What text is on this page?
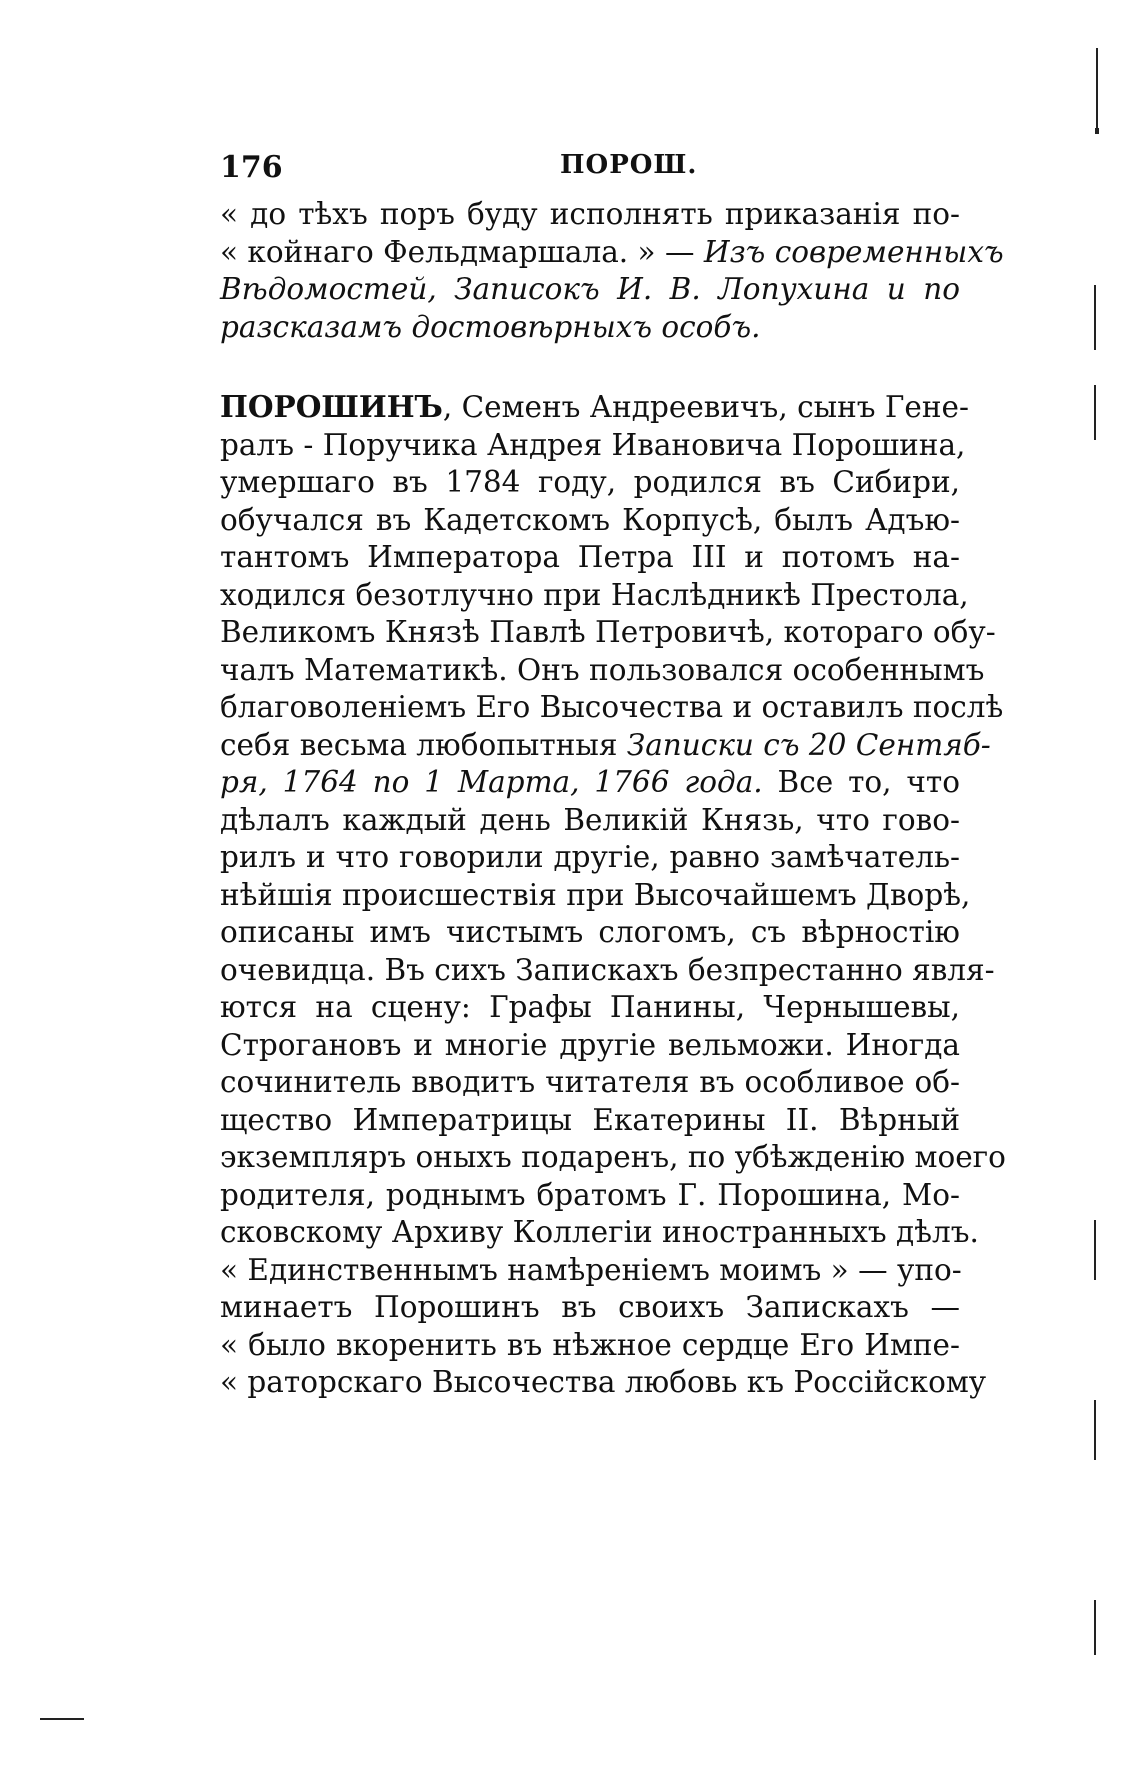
176	ПОРОШ.
« до тѣхъ поръ буду исполнять приказанія по-
« койнаго Фельдмаршала. » — Изъ современныхъ
Вѣдомостей, Записокъ И. В. Лопухина и по
разсказамъ достовѣрныхъ особъ.
ПОРОШИНЪ, Семенъ Андреевичъ, сынъ Гене-
ралъ - Поручика Андрея Ивановича Порошина,
умершаго въ 1784 году, родился въ Сибири,
обучался въ Кадетскомъ Корпусѣ, былъ Адъю-
тантомъ Императора Петра III и потомъ на-
ходился безотлучно при Наслѣдникѣ Престола,
Великомъ Князѣ Павлѣ Петровичѣ, котораго обу-
чалъ Математикѣ. Онъ пользовался особеннымъ
благоволеніемъ Его Высочества и оставилъ послѣ
себя весьма любопытныя Записки съ 20 Сентяб-
ря, 1764 по 1 Марта, 1766 года. Все то, что
дѣлалъ каждый день Великій Князь, что гово-
рилъ и что говорили другіе, равно замѣчатель-
нѣйшія происшествія при Высочайшемъ Дворѣ,
описаны имъ чистымъ слогомъ, съ вѣрностію
очевидца. Въ сихъ Запискахъ безпрестанно явля-
ются на сцену: Графы Панины, Чернышевы,
Строгановъ и многіе другіе вельможи. Иногда
сочинитель вводитъ читателя въ особливое об-
щество Императрицы Екатерины II. Вѣрный
экземпляръ оныхъ подаренъ, по убѣжденію моего
родителя, роднымъ братомъ Г. Порошина, Мо-
сковскому Архиву Коллегіи иностранныхъ дѣлъ.
« Единственнымъ намѣреніемъ моимъ » — упо-
минаетъ Порошинъ въ своихъ Запискахъ —
« было вкоренить въ нѣжное сердце Его Импе-
« раторскаго Высочества любовь къ Россійскому
